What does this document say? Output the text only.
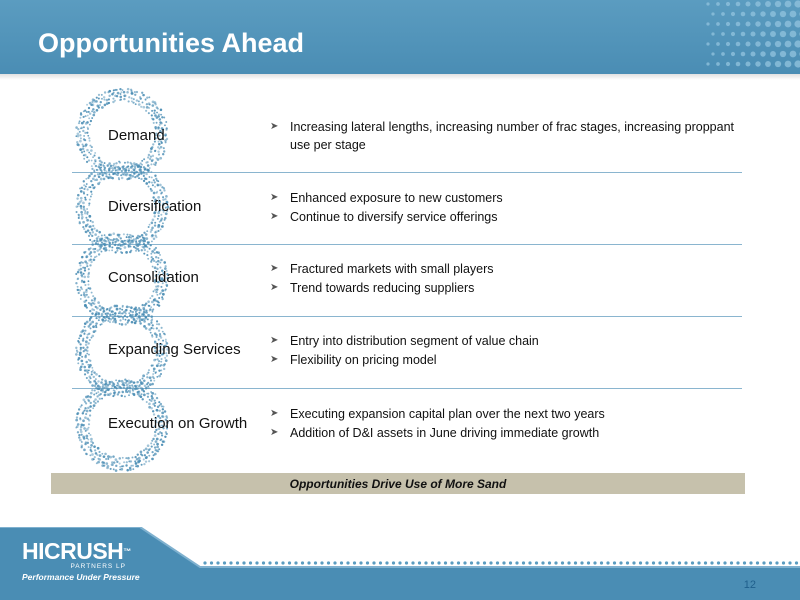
Opportunities Ahead
Demand
➤ Increasing lateral lengths, increasing number of frac stages, increasing proppant use per stage
Diversification
➤ Enhanced exposure to new customers
➤ Continue to diversify service offerings
Consolidation
➤ Fractured markets with small players
➤ Trend towards reducing suppliers
Expanding Services
➤ Entry into distribution segment of value chain
➤ Flexibility on pricing model
Execution on Growth
➤ Executing expansion capital plan over the next two years
➤ Addition of D&I assets in June driving immediate growth
Opportunities Drive Use of More Sand
HICRUSH™
PARTNERS LP
Performance Under Pressure
12
